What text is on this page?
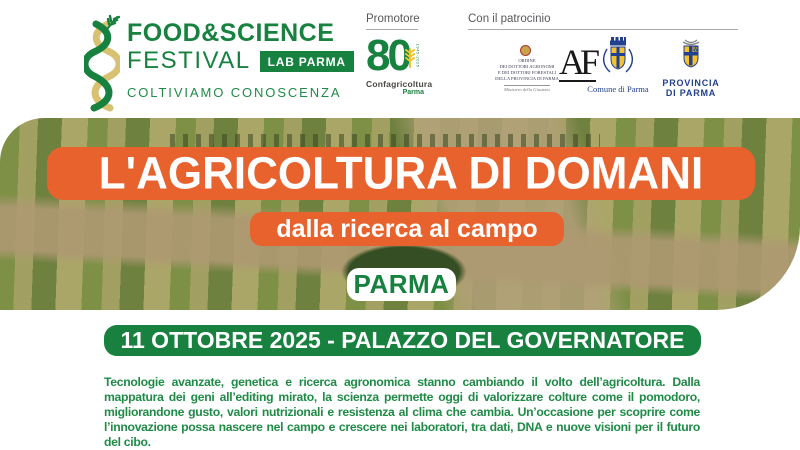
FOOD&SCIENCE
FESTIVAL	LAB PARMA
COLTIVIAMO CONOSCENZA
Promotore
80	1945-2025
Confagricoltura
Parma
Con il patrocinio
ORDINE
DEI DOTTORI AGRONOMI
E DEI DOTTORI FORESTALI
DELLA PROVINCIA DI PARMA AF
Ministero della Giustizia	Comune di Parma
PROVINCIA
DI PARMA
L'AGRICOLTURA DI DOMANI
dalla ricerca al campo
PARMA
11 OTTOBRE 2025 - PALAZZO DEL GOVERNATORE

Tecnologie avanzate, genetica e ricerca agronomica stanno cambiando il volto dell’agricoltura. Dalla mappatura dei geni all’editing mirato, la scienza permette oggi di valorizzare colture come il pomodoro, migliorandone gusto, valori nutrizionali e resistenza al clima che cambia. Un’occasione per scoprire come l’innovazione possa nascere nel campo e crescere nei laboratori, tra dati, DNA e nuove visioni per il futuro del cibo.
